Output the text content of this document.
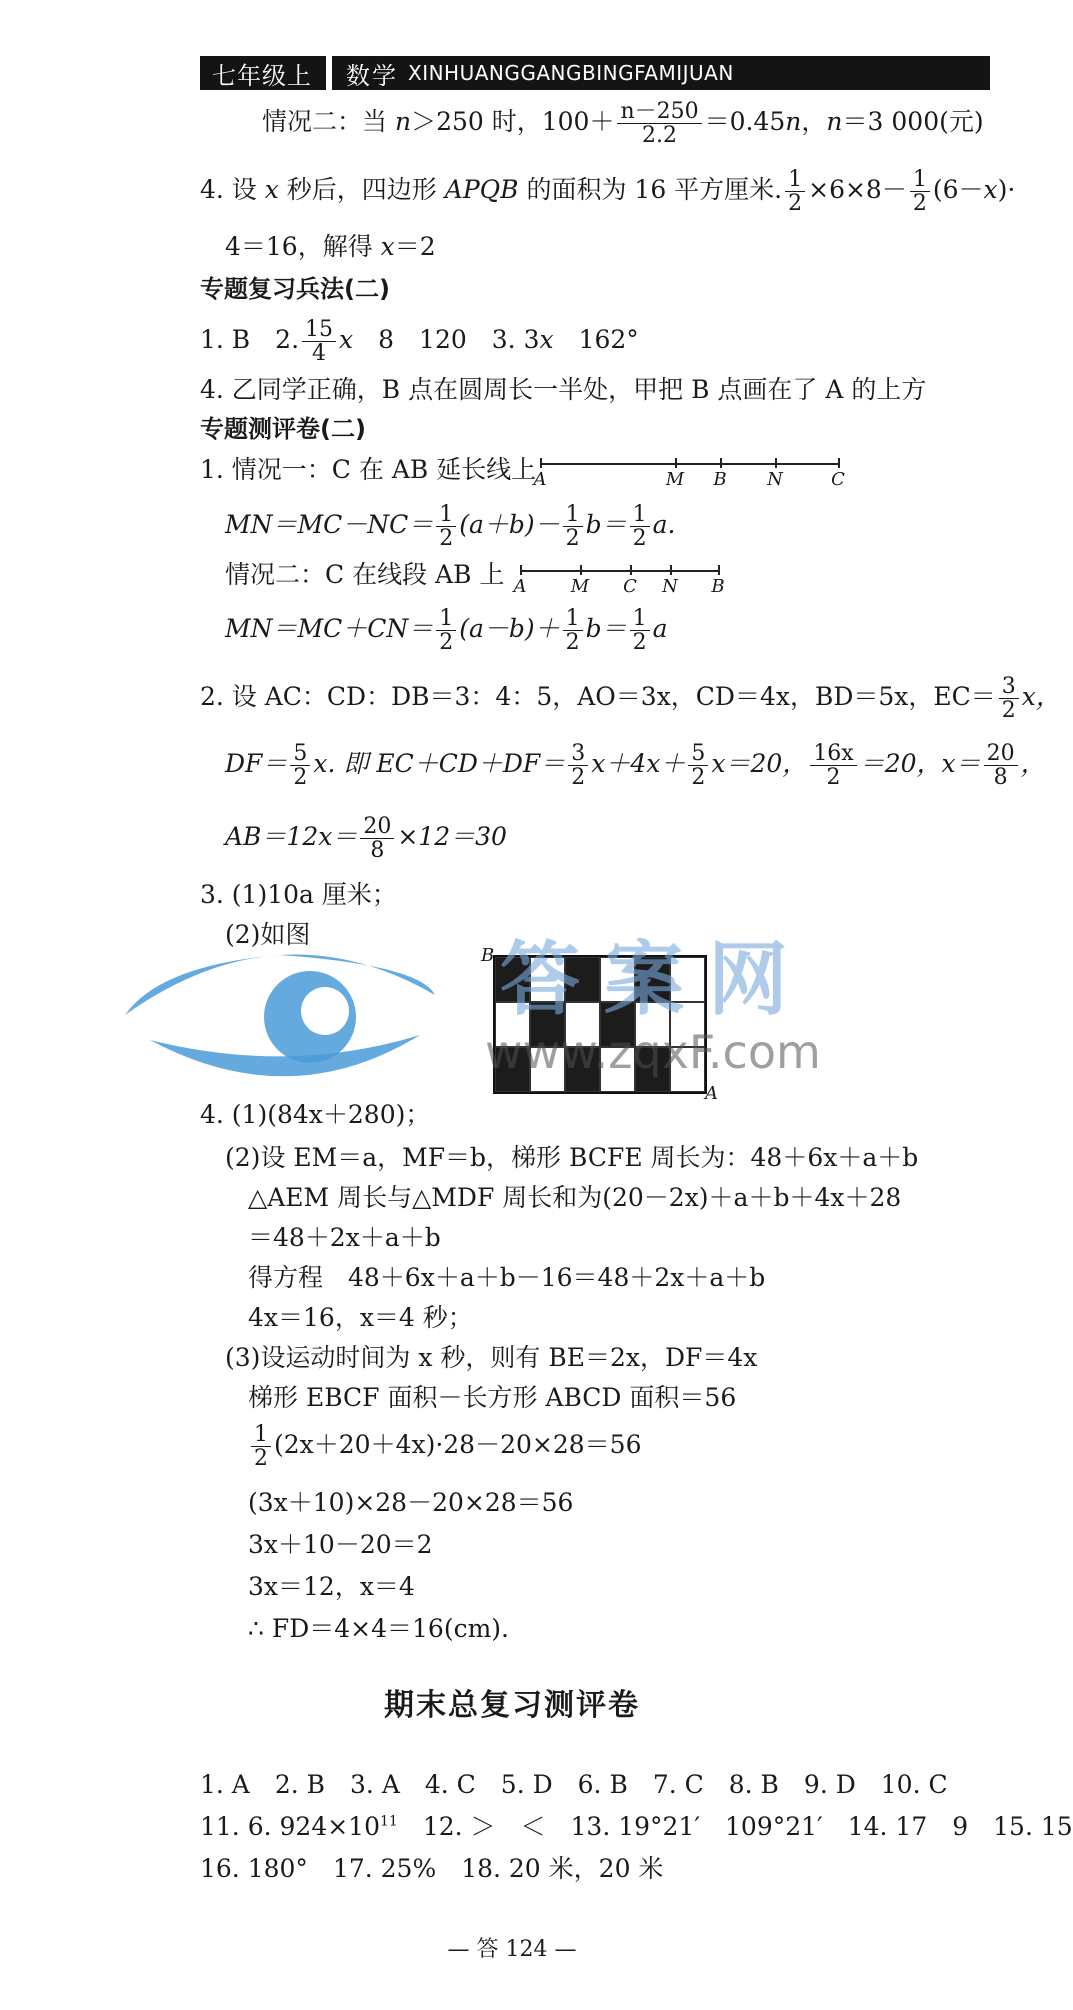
七年级上	数学 XINHUANGGANGBINGFAMIJUAN
情况二：当 n＞250 时，$100+ \frac{n-250}{2.2} =0.45n$，n＝3 000(元)
4. 设 x 秒后，四边形 APQB 的面积为 16 平方厘米. $\frac{1}{2} \times 6\times 8- \frac{1}{2} (6-x)\cdot$
4＝16，解得 x＝2
专题复习兵法(二)
1. B　2. $\frac{15}{4}$ x　8　120　3. 3x　162°
4. 乙同学正确，B 点在圆周长一半处，甲把 B 点画在了 A 的上方
专题测评卷(二)
1. 情况一：C 在 AB 延长线上
A	M B N	C
$MN=MC-NC= \frac{1}{2} (a+b)- \frac{1}{2} b= \frac{1}{2} a$.
情况二：C 在线段 AB 上 A M C N B
$MN=MC+CN= \frac{1}{2} (a-b)+ \frac{1}{2} b= \frac{1}{2}$ a
2. 设 AC：CD：DB＝3：4：5，AO＝3x，CD＝4x，BD＝5x，$EC= \frac{3}{2}$ x，
$DF= \frac{5}{2} x$. 即 $EC+CD+DF= \frac{3}{2} x+4x+ \frac{5}{2} x=20$， $\frac{16x}{2} =20$，$x= \frac{20}{8}$ ，
$AB=12x= \frac{20}{8} \times 12=30$
3. (1)10a 厘米；
(2)如图
B
A
答案网
www.zqxF.com
4. (1)(84x＋280)；
(2)设 EM＝a，MF＝b，梯形 BCFE 周长为：48＋6x＋a＋b
△AEM 周长与△MDF 周长和为(20－2x)＋a＋b＋4x＋28
＝48＋2x＋a＋b
得方程　48＋6x＋a＋b－16＝48＋2x＋a＋b
4x＝16，x＝4 秒；
(3)设运动时间为 x 秒，则有 BE＝2x，DF＝4x
梯形 EBCF 面积－长方形 ABCD 面积＝56
$\frac{1}{2} (2x+20+4x)\cdot 28-20\times 28=56$
(3x＋10)×28－20×28＝56
3x＋10－20＝2
3x＝12，x＝4
∴ FD＝4×4＝16(cm).
期末总复习测评卷
1. A　2. B　3. A　4. C　5. D　6. B　7. C　8. B　9. D　10. C
11. 6. $924\times 10^{11}$　12. ＞　＜　13. 19°21′　109°21′　14. 17　9　15. 15
16. 180°　17. 25%　18. 20 米，20 米
— 答 124 —
